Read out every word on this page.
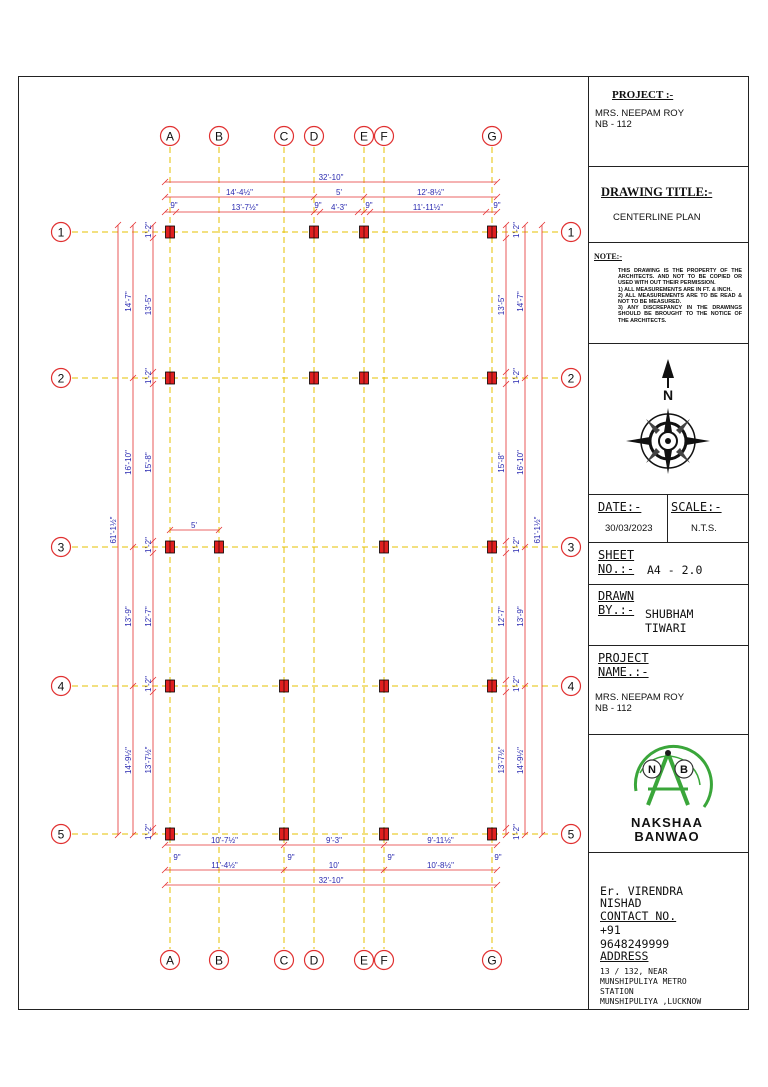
A
A
B
B
C
C
D
D
E
E
F
F
G
G
1	1
2	2
3	3
4	4
5	5
32'-10"
14'-4½"	5'	12'-8½"
13'-7½"	4'-3"	11'-11½"
9"	9"	9"	9"
10'-7½"	9'-3"	9'-11½"
11'-4½"	10'	10'-8½"
32'-10"
9"	9"	9"	9"
5'
61'-1½"
14'-7"
16'-10"
13'-9"
14'-9½"
13'-5"
15'-8"
12'-7"
13'-7½"
13'-5"
15'-8"
12'-7"
13'-7½"
14'-7"
16'-10"
13'-9"
14'-9½"
61'-1½"
1'-2"	1'-2"
1'-2"	1'-2"
1'-2"	1'-2"
1'-2"	1'-2"
1'-2"	1'-2"
PROJECT :-
MRS. NEEPAM ROY
NB - 112
DRAWING TITLE:-
CENTERLINE PLAN
NOTE:-
THIS DRAWING IS THE PROPERTY OF THE ARCHITECTS. AND NOT TO BE COPIED OR USED WITH OUT THEIR PERMISSION.
1) ALL MEASUREMENTS ARE IN FT. & INCH.
2) ALL MEASUREMENTS ARE TO BE READ & NOT TO BE MEASURED.
3) ANY DISCREPANCY IN THE DRAWINGS SHOULD BE BROUGHT TO THE NOTICE OF THE ARCHITECTS.
N
DATE:-
30/03/2023
SCALE:-
N.T.S.
SHEET
NO.:- A4 - 2.0
DRAWN
BY.:- SHUBHAM
TIWARI
PROJECT
NAME.:-
MRS. NEEPAM ROY
NB - 112
N B
NAKSHAA
BANWAO
Er. VIRENDRA
NISHAD
CONTACT NO.
+91
9648249999
ADDRESS
13 / 132, NEAR
MUNSHIPULIYA METRO
STATION
MUNSHIPULIYA ,LUCKNOW
